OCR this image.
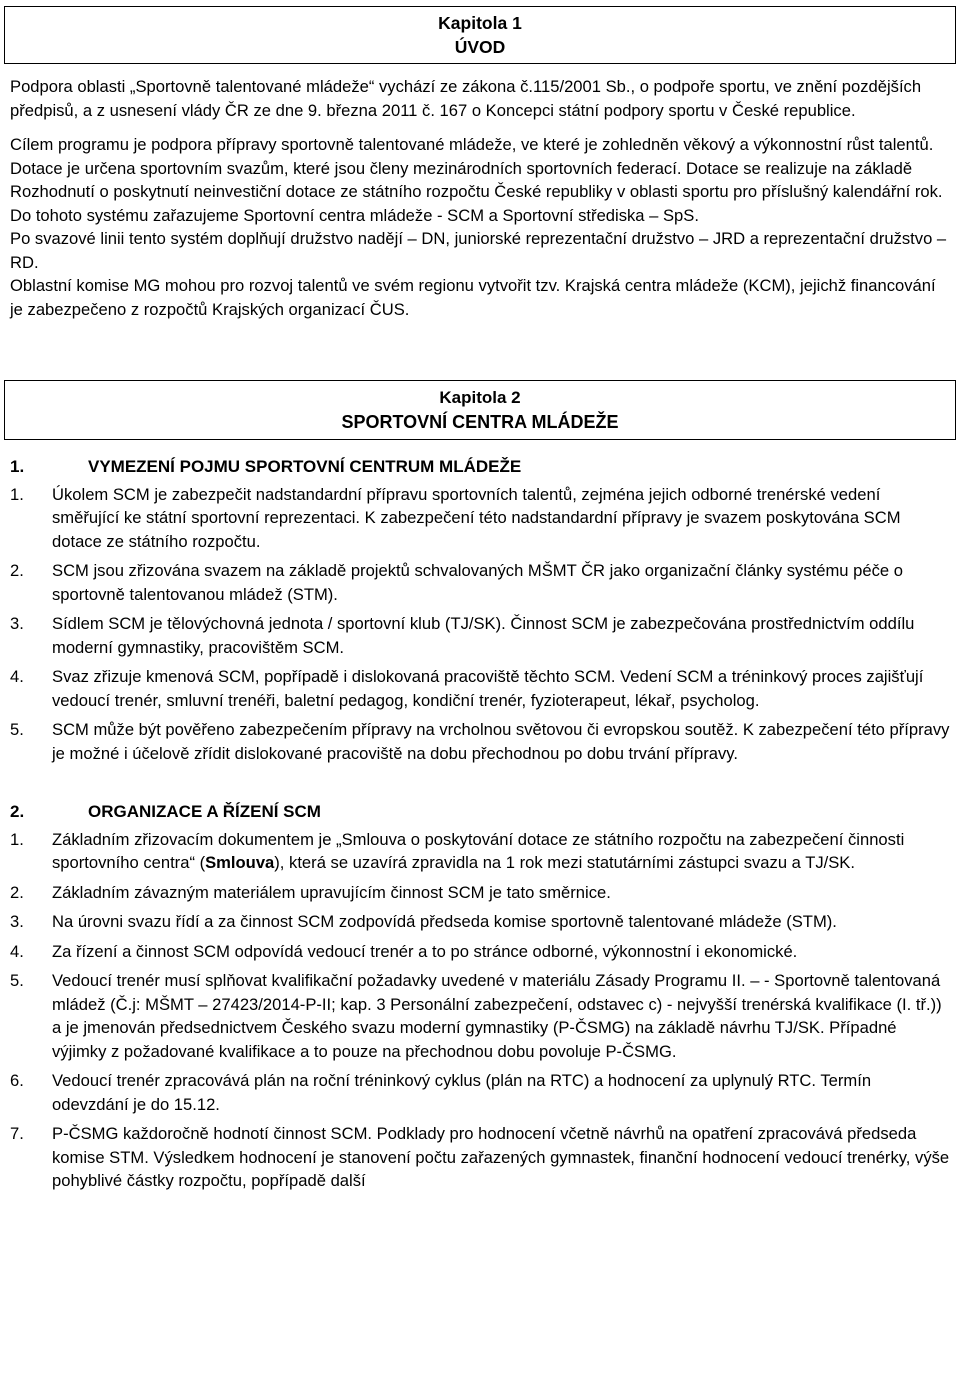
Kapitola 1
ÚVOD

Podpora oblasti „Sportovně talentované mládeže“ vychází ze zákona č.115/2001 Sb., o podpoře sportu, ve znění pozdějších předpisů, a z usnesení vlády ČR ze dne 9. března 2011 č. 167 o Koncepci státní podpory sportu v České republice.

Cílem programu je podpora přípravy sportovně talentované mládeže, ve které je zohledněn věkový a výkonnostní růst talentů. Dotace je určena sportovním svazům, které jsou členy mezinárodních sportovních federací. Dotace se realizuje na základě Rozhodnutí o poskytnutí neinvestiční dotace ze státního rozpočtu České republiky v oblasti sportu pro příslušný kalendářní rok. Do tohoto systému zařazujeme Sportovní centra mládeže - SCM a Sportovní střediska – SpS.

Po svazové linii tento systém doplňují družstvo nadějí – DN, juniorské reprezentační družstvo – JRD a reprezentační družstvo – RD.

Oblastní komise MG mohou pro rozvoj talentů ve svém regionu vytvořit tzv. Krajská centra mládeže (KCM), jejichž financování je zabezpečeno z rozpočtů Krajských organizací ČUS.

Kapitola 2
SPORTOVNÍ CENTRA MLÁDEŽE
1.	VYMEZENÍ POJMU SPORTOVNÍ CENTRUM MLÁDEŽE
1.	Úkolem SCM je zabezpečit nadstandardní přípravu sportovních talentů, zejména jejich odborné trenérské vedení směřující ke státní sportovní reprezentaci. K zabezpečení této nadstandardní přípravy je svazem poskytována SCM dotace ze státního rozpočtu.
2.	SCM jsou zřizována svazem na základě projektů schvalovaných MŠMT ČR jako organizační články systému péče o sportovně talentovanou mládež (STM).
3.	Sídlem SCM je tělovýchovná jednota / sportovní klub (TJ/SK). Činnost SCM je zabezpečována prostřednictvím oddílu moderní gymnastiky, pracovištěm SCM.
4.	Svaz zřizuje kmenová SCM, popřípadě i dislokovaná pracoviště těchto SCM. Vedení SCM a tréninkový proces zajišťují vedoucí trenér, smluvní trenéři, baletní pedagog, kondiční trenér, fyzioterapeut, lékař, psycholog.
5.	SCM může být pověřeno zabezpečením přípravy na vrcholnou světovou či evropskou soutěž. K zabezpečení této přípravy je možné i účelově zřídit dislokované pracoviště na dobu přechodnou po dobu trvání přípravy.
2.	ORGANIZACE A ŘÍZENÍ SCM
1.	Základním zřizovacím dokumentem je „Smlouva o poskytování dotace ze státního rozpočtu na zabezpečení činnosti sportovního centra“ (Smlouva), která se uzavírá zpravidla na 1 rok mezi statutárními zástupci svazu a TJ/SK.
2.	Základním závazným materiálem upravujícím činnost SCM je tato směrnice.
3.	Na úrovni svazu řídí a za činnost SCM zodpovídá předseda komise sportovně talentované mládeže (STM).
4.	Za řízení a činnost SCM odpovídá vedoucí trenér a to po stránce odborné, výkonnostní i ekonomické.
5.	Vedoucí trenér musí splňovat kvalifikační požadavky uvedené v materiálu Zásady Programu II. – - Sportovně talentovaná mládež (Č.j: MŠMT – 27423/2014-P-II; kap. 3 Personální zabezpečení, odstavec c) - nejvyšší trenérská kvalifikace (I. tř.)) a je jmenován předsednictvem Českého svazu moderní gymnastiky (P-ČSMG) na základě návrhu TJ/SK. Případné výjimky z požadované kvalifikace a to pouze na přechodnou dobu povoluje P-ČSMG.
6.	Vedoucí trenér zpracovává plán na roční tréninkový cyklus (plán na RTC) a hodnocení za uplynulý RTC. Termín odevzdání je do 15.12.
7.	P-ČSMG každoročně hodnotí činnost SCM. Podklady pro hodnocení včetně návrhů na opatření zpracovává předseda komise STM. Výsledkem hodnocení je stanovení počtu zařazených gymnastek, finanční hodnocení vedoucí trenérky, výše pohyblivé částky rozpočtu, popřípadě další
